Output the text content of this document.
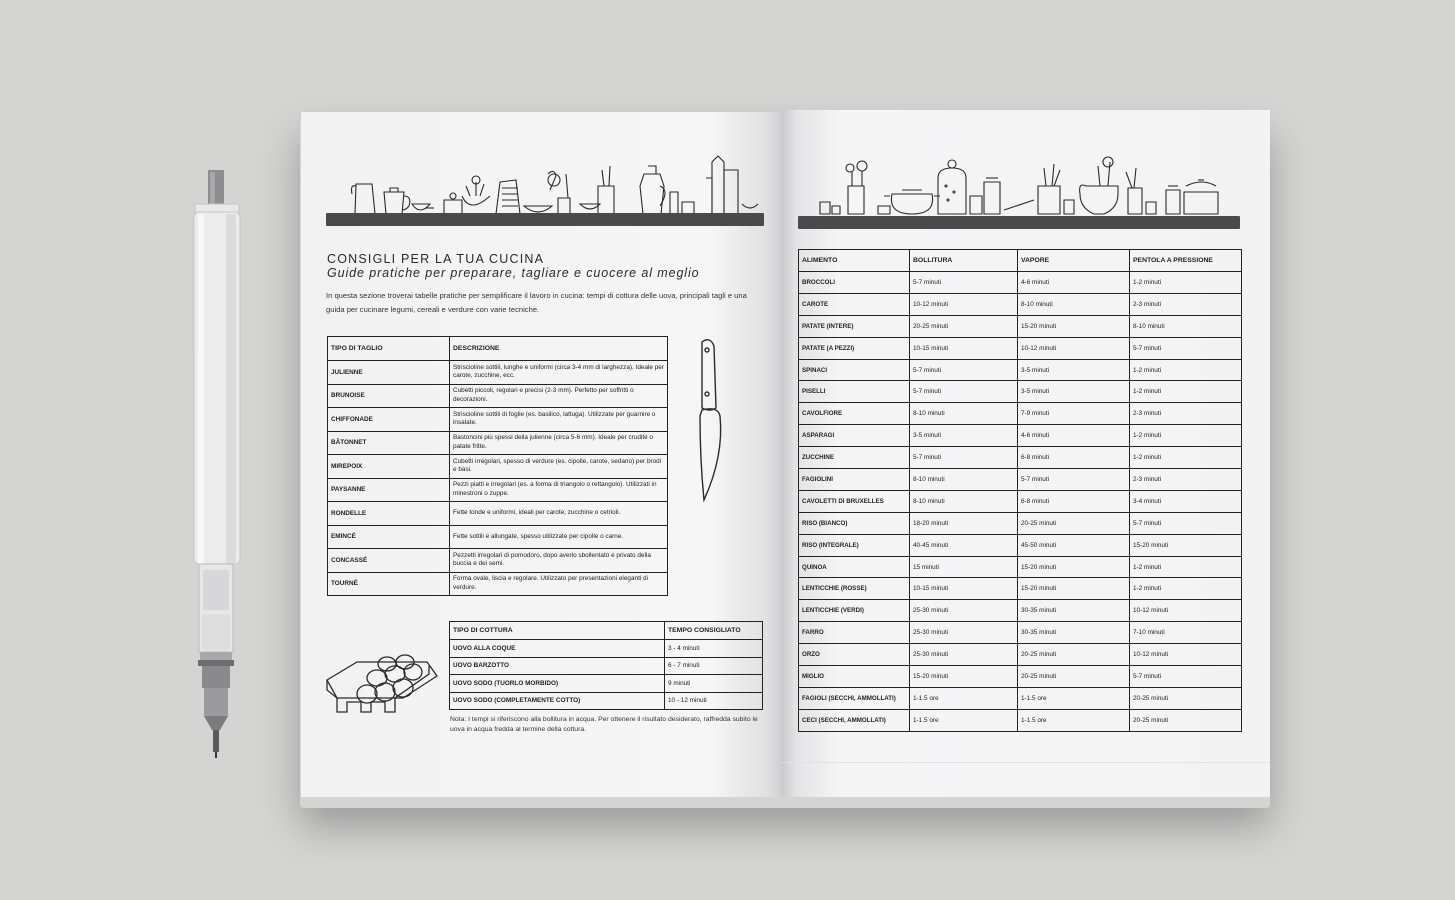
CONSIGLI PER LA TUA CUCINA
Guide pratiche per preparare, tagliare e cuocere al meglio
In questa sezione troverai tabelle pratiche per semplificare il lavoro in cucina: tempi di cottura delle uova, principali tagli e una guida per cucinare legumi, cereali e verdure con varie tecniche.
TIPO DI TAGLIO	DESCRIZIONE
JULIENNE	Striscioline sottili, lunghe e uniformi (circa 3-4 mm di larghezza). Ideale per carote, zucchine, ecc.
BRUNOISE	Cubetti piccoli, regolari e precisi (2-3 mm). Perfetto per soffritti o decorazioni.
CHIFFONADE	Striscioline sottili di foglie (es. basilico, lattuga). Utilizzate per guarnire o insalate.
BÂTONNET	Bastoncini più spessi della julienne (circa 5-6 mm). Ideale per crudité o patate fritte.
MIREPOIX	Cubetti irregolari, spesso di verdure (es. cipolle, carote, sedano) per brodi e basi.
PAYSANNE	Pezzi piatti e irregolari (es. a forma di triangolo o rettangolo). Utilizzati in minestroni o zuppe.
RONDELLE	Fette tonde e uniformi, ideali per carote, zucchine o cetrioli.
EMINCÉ	Fette sottili e allungate, spesso utilizzate per cipolle o carne.
CONCASSÉ	Pezzetti irregolari di pomodoro, dopo averlo sbollentato e privato della buccia e dei semi.
TOURNÉ	Forma ovale, liscia e regolare. Utilizzato per presentazioni eleganti di verdure.
TIPO DI COTTURA	TEMPO CONSIGLIATO
UOVO ALLA COQUE	3 - 4 minuti
UOVO BARZOTTO	6 - 7 minuti
UOVO SODO (TUORLO MORBIDO)	9 minuti
UOVO SODO (COMPLETAMENTE COTTO)	10 - 12 minuti
Nota: I tempi si riferiscono alla bollitura in acqua. Per ottenere il risultato desiderato, raffredda subito le uova in acqua fredda al termine della cottura.
ALIMENTO	BOLLITURA	VAPORE	PENTOLA A PRESSIONE
BROCCOLI	5-7 minuti	4-6 minuti	1-2 minuti
CAROTE	10-12 minuti	8-10 minuti	2-3 minuti
PATATE (INTERE)	20-25 minuti	15-20 minuti	8-10 minuti
PATATE (A PEZZI)	10-15 minuti	10-12 minuti	5-7 minuti
SPINACI	5-7 minuti	3-5 minuti	1-2 minuti
PISELLI	5-7 minuti	3-5 minuti	1-2 minuti
CAVOLFIORE	8-10 minuti	7-9 minuti	2-3 minuti
ASPARAGI	3-5 minuti	4-6 minuti	1-2 minuti
ZUCCHINE	5-7 minuti	6-8 minuti	1-2 minuti
FAGIOLINI	8-10 minuti	5-7 minuti	2-3 minuti
CAVOLETTI DI BRUXELLES	8-10 minuti	6-8 minuti	3-4 minuti
RISO (BIANCO)	18-20 minuti	20-25 minuti	5-7 minuti
RISO (INTEGRALE)	40-45 minuti	45-50 minuti	15-20 minuti
QUINOA	15 minuti	15-20 minuti	1-2 minuti
LENTICCHIE (ROSSE)	10-15 minuti	15-20 minuti	1-2 minuti
LENTICCHIE (VERDI)	25-30 minuti	30-35 minuti	10-12 minuti
FARRO	25-30 minuti	30-35 minuti	7-10 minuti
ORZO	25-30 minuti	20-25 minuti	10-12 minuti
MIGLIO	15-20 minuti	20-25 minuti	5-7 minuti
FAGIOLI (SECCHI, AMMOLLATI)	1-1.5 ore	1-1.5 ore	20-25 minuti
CECI (SECCHI, AMMOLLATI)	1-1.5 ore	1-1.5 ore	20-25 minuti
